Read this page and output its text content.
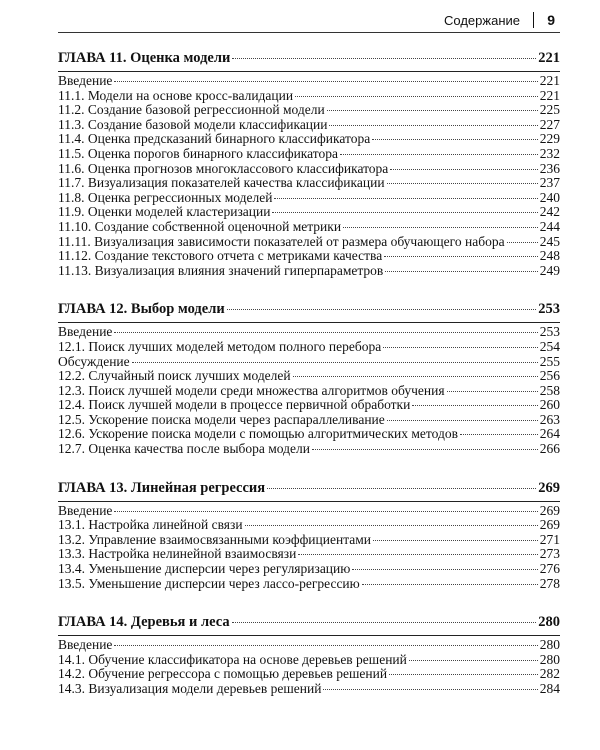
Содержание 9
ГЛАВА 11. Оценка модели	221
Введение	221
11.1. Модели на основе кросс-валидации	221
11.2. Создание базовой регрессионной модели	225
11.3. Создание базовой модели классификации	227
11.4. Оценка предсказаний бинарного классификатора	229
11.5. Оценка порогов бинарного классификатора	232
11.6. Оценка прогнозов многоклассового классификатора	236
11.7. Визуализация показателей качества классификации	237
11.8. Оценка регрессионных моделей	240
11.9. Оценки моделей кластеризации	242
11.10. Создание собственной оценочной метрики	244
11.11. Визуализация зависимости показателей от размера обучающего набора	245
11.12. Создание текстового отчета с метриками качества	248
11.13. Визуализация влияния значений гиперпараметров	249
ГЛАВА 12. Выбор модели	253
Введение	253
12.1. Поиск лучших моделей методом полного перебора	254
Обсуждение	255
12.2. Случайный поиск лучших моделей	256
12.3. Поиск лучшей модели среди множества алгоритмов обучения	258
12.4. Поиск лучшей модели в процессе первичной обработки	260
12.5. Ускорение поиска модели через распараллеливание	263
12.6. Ускорение поиска модели с помощью алгоритмических методов	264
12.7. Оценка качества после выбора модели	266
ГЛАВА 13. Линейная регрессия	269
Введение	269
13.1. Настройка линейной связи	269
13.2. Управление взаимосвязанными коэффициентами	271
13.3. Настройка нелинейной взаимосвязи	273
13.4. Уменьшение дисперсии через регуляризацию	276
13.5. Уменьшение дисперсии через лассо-регрессию	278
ГЛАВА 14. Деревья и леса	280
Введение	280
14.1. Обучение классификатора на основе деревьев решений	280
14.2. Обучение регрессора с помощью деревьев решений	282
14.3. Визуализация модели деревьев решений	284
